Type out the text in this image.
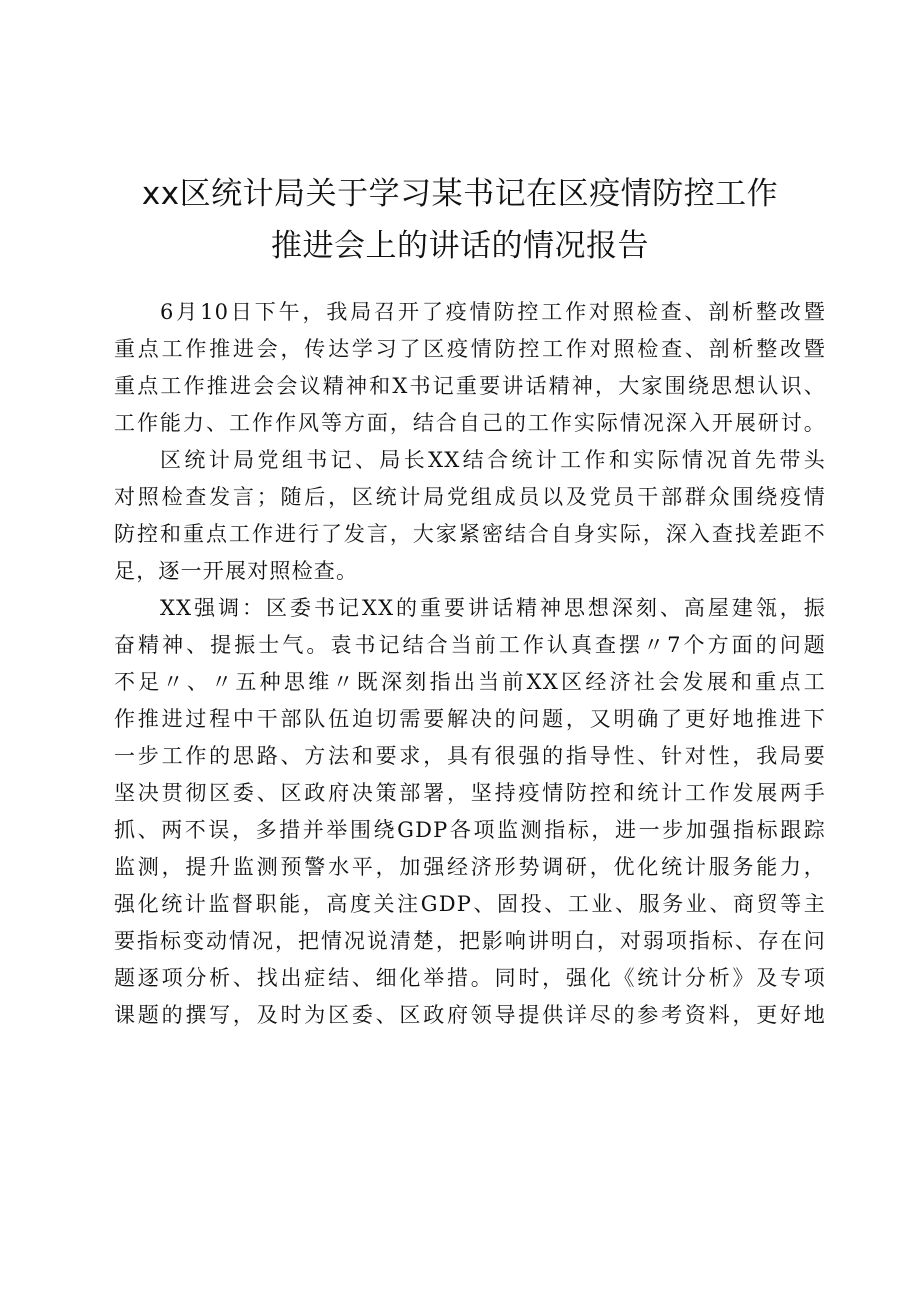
xx区统计局关于学习某书记在区疫情防控工作
推进会上的讲话的情况报告

6月10日下午，我局召开了疫情防控工作对照检查、剖析整改暨
重点工作推进会，传达学习了区疫情防控工作对照检查、剖析整改暨
重点工作推进会会议精神和X书记重要讲话精神，大家围绕思想认识、
工作能力、工作作风等方面，结合自己的工作实际情况深入开展研讨。

区统计局党组书记、局长XX结合统计工作和实际情况首先带头
对照检查发言；随后，区统计局党组成员以及党员干部群众围绕疫情
防控和重点工作进行了发言，大家紧密结合自身实际，深入查找差距不
足，逐一开展对照检查。

XX强调：区委书记XX的重要讲话精神思想深刻、高屋建瓴，振
奋精神、提振士气。袁书记结合当前工作认真查摆〃7个方面的问题
不足〃、〃五种思维〃既深刻指出当前XX区经济社会发展和重点工
作推进过程中干部队伍迫切需要解决的问题，又明确了更好地推进下
一步工作的思路、方法和要求，具有很强的指导性、针对性，我局要
坚决贯彻区委、区政府决策部署，坚持疫情防控和统计工作发展两手
抓、两不误，多措并举围绕GDP各项监测指标，进一步加强指标跟踪
监测，提升监测预警水平，加强经济形势调研，优化统计服务能力，
强化统计监督职能，高度关注GDP、固投、工业、服务业、商贸等主
要指标变动情况，把情况说清楚，把影响讲明白，对弱项指标、存在问
题逐项分析、找出症结、细化举措。同时，强化《统计分析》及专项
课题的撰写，及时为区委、区政府领导提供详尽的参考资料，更好地
